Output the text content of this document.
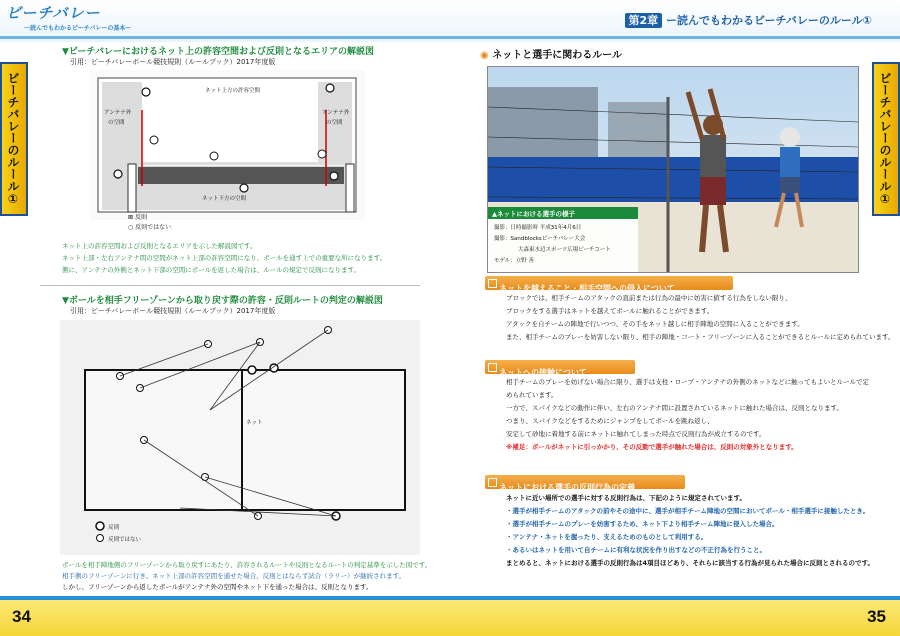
ビーチバレー
一読んでもわかるビーチバレーの基本ー
ビーチバレーのルール①
▼ビーチバレーにおけるネット上の許容空間および反則となるエリアの解説図
引用：ビーチバレーボール競技規則（ルールブック）2017年度版
ネット上方の許容空間
アンテナ外
の空間
アンテナ外
の空間
ネット下方の空間
⊠ 反則
○ 反則ではない
ネット上の許容空間および反則となるエリアを示した解説図です。
ネット上部・左右アンテナ間の空間がネット上部の許容空間になり、ボールを通す上での重要な所になります。
側に、アンテナの外側とネット下部の空間にボールを返した場合は、ルールの規定で反則になります。
▼ボールを相手フリーゾーンから取り戻す際の許容・反則ルートの判定の解説図
引用：ビーチバレーボール競技規則（ルールブック）2017年度版
ネット
反則
反則ではない
ボールを相手陣地側のフリーゾーンから取り戻すにあたり、許容されるルートや反則となるルートの判定基準を示した図です。
相手側のフリーゾーンに行き、ネット上部の許容空間を通せた場合、反則とはならず試合（ラリー）が継続されます。
しかし、フリーゾーンから返したボールがアンテナ外の空間やネット下を通った場合は、反則となります。
34
第2章 ー読んでもわかるビーチバレーのルール①
ビーチバレーのルール①
◉ ネットと選手に関わるルール
▲ネットにおける選手の様子
撮影：日時撮影時 平成31年4月6日
撮影：Sandblocksビーチバレー大会
大森東水辺スポーツ広場ビーチコート
モデル：立野 善
ネットを越えること・相手空間への侵入について
ブロックでは、相手チームのアタックの直前または行為の最中に妨害に値する行為をしない限り、
ブロックをする選手はネットを越えてボールに触れることができます。
アタックを自チームの陣地で行いつつ、その手をネット越しに相手陣地の空間に入ることができます。
また、相手チームのプレーを妨害しない限り、相手の陣地・コート・フリーゾーンに入ることができるとルールに定められています。
ネットへの接触について
相手チームのプレーを妨げない場合に限り、選手は支柱・ロープ・アンテナの外側のネットなどに触ってもよいとルールで定
められています。
一方で、スパイクなどの動作に伴い、左右のアンテナ間に設置されているネットに触れた場合は、反則となります。
つまり、スパイクなどをするためにジャンプをしてボールを跳ね返し、
安定して砂地に着地する前にネットに触れてしまった時点で反則行為が成立するのです。
※補足：ボールがネットに引っかかり、その反動で選手が触れた場合は、反則の対象外となります。
ネットにおける選手の反則行為の定義
ネットに近い場所での選手に対する反則行為は、下記のように規定されています。
・選手が相手チームのアタックの前やその途中に、選手が相手チーム陣地の空間においてボール・相手選手に接触したとき。
・選手が相手チームのプレーを妨害するため、ネット下より相手チーム陣地に侵入した場合。
・アンテナ・ネットを握ったり、支えるためのものとして利用する。
・あるいはネットを用いて自チームに有利な状況を作り出すなどの不正行為を行うこと。
まとめると、ネットにおける選手の反則行為は4項目ほどあり、それらに該当する行為が見られた場合に反則とされるのです。
35
